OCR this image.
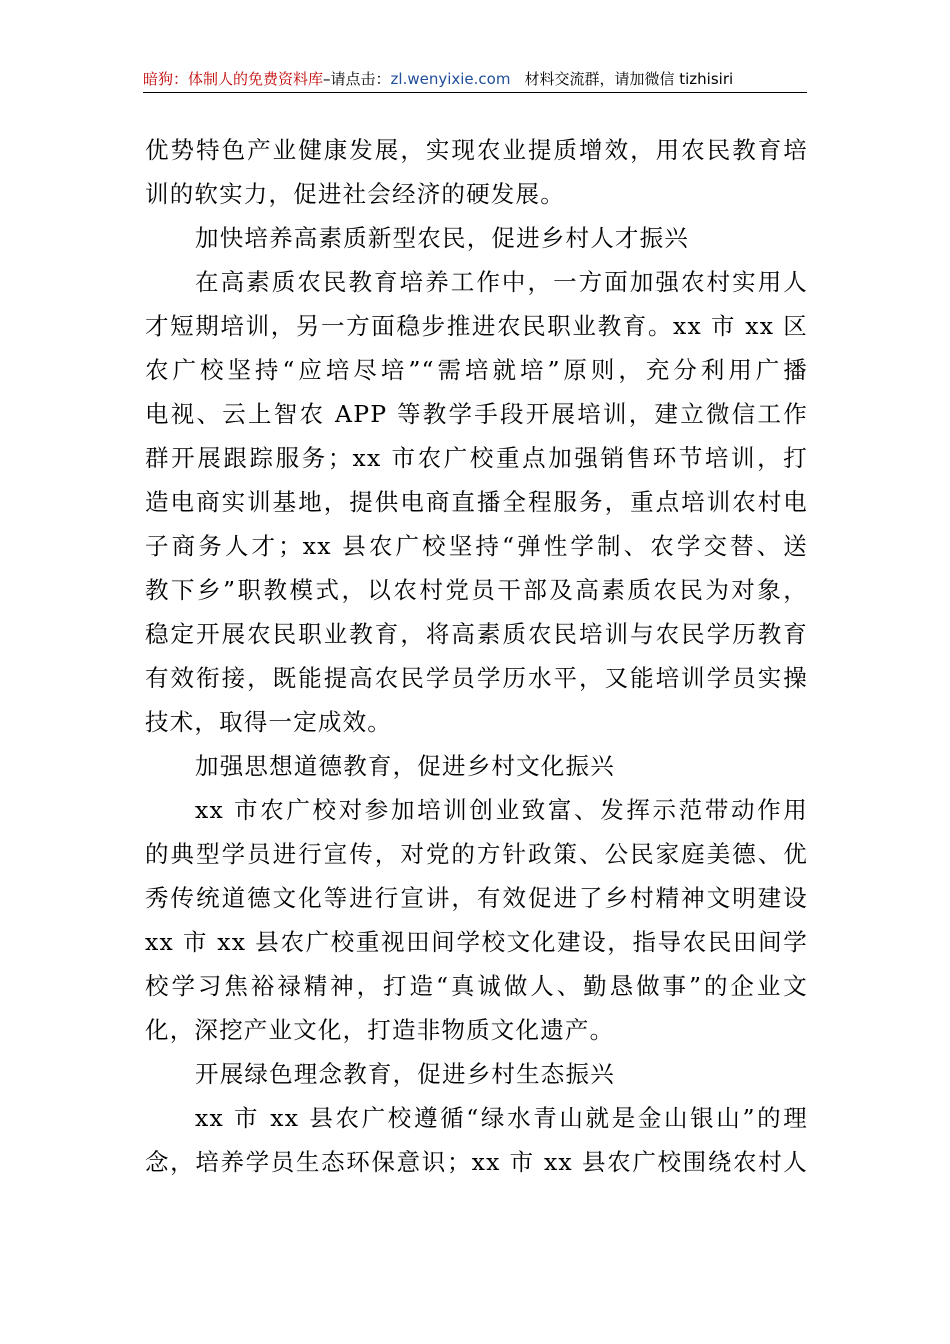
暗狗：体制人的免费资料库–请点击：zl.wenyixie.com 材料交流群，请加微信 tizhisiri
优势特色产业健康发展，实现农业提质增效，用农民教育培
训的软实力，促进社会经济的硬发展。
加快培养高素质新型农民，促进乡村人才振兴
在高素质农民教育培养工作中，一方面加强农村实用人
才短期培训，另一方面稳步推进农民职业教育。xx 市 xx 区
农广校坚持“应培尽培”“需培就培”原则，充分利用广播
电视、云上智农 APP 等教学手段开展培训，建立微信工作
群开展跟踪服务；xx 市农广校重点加强销售环节培训，打
造电商实训基地，提供电商直播全程服务，重点培训农村电
子商务人才；xx 县农广校坚持“弹性学制、农学交替、送
教下乡”职教模式，以农村党员干部及高素质农民为对象，
稳定开展农民职业教育，将高素质农民培训与农民学历教育
有效衔接，既能提高农民学员学历水平，又能培训学员实操
技术，取得一定成效。
加强思想道德教育，促进乡村文化振兴
xx 市农广校对参加培训创业致富、发挥示范带动作用
的典型学员进行宣传，对党的方针政策、公民家庭美德、优
秀传统道德文化等进行宣讲，有效促进了乡村精神文明建设
xx 市 xx 县农广校重视田间学校文化建设，指导农民田间学
校学习焦裕禄精神，打造“真诚做人、勤恳做事”的企业文
化，深挖产业文化，打造非物质文化遗产。
开展绿色理念教育，促进乡村生态振兴
xx 市 xx 县农广校遵循“绿水青山就是金山银山”的理
念，培养学员生态环保意识；xx 市 xx 县农广校围绕农村人
